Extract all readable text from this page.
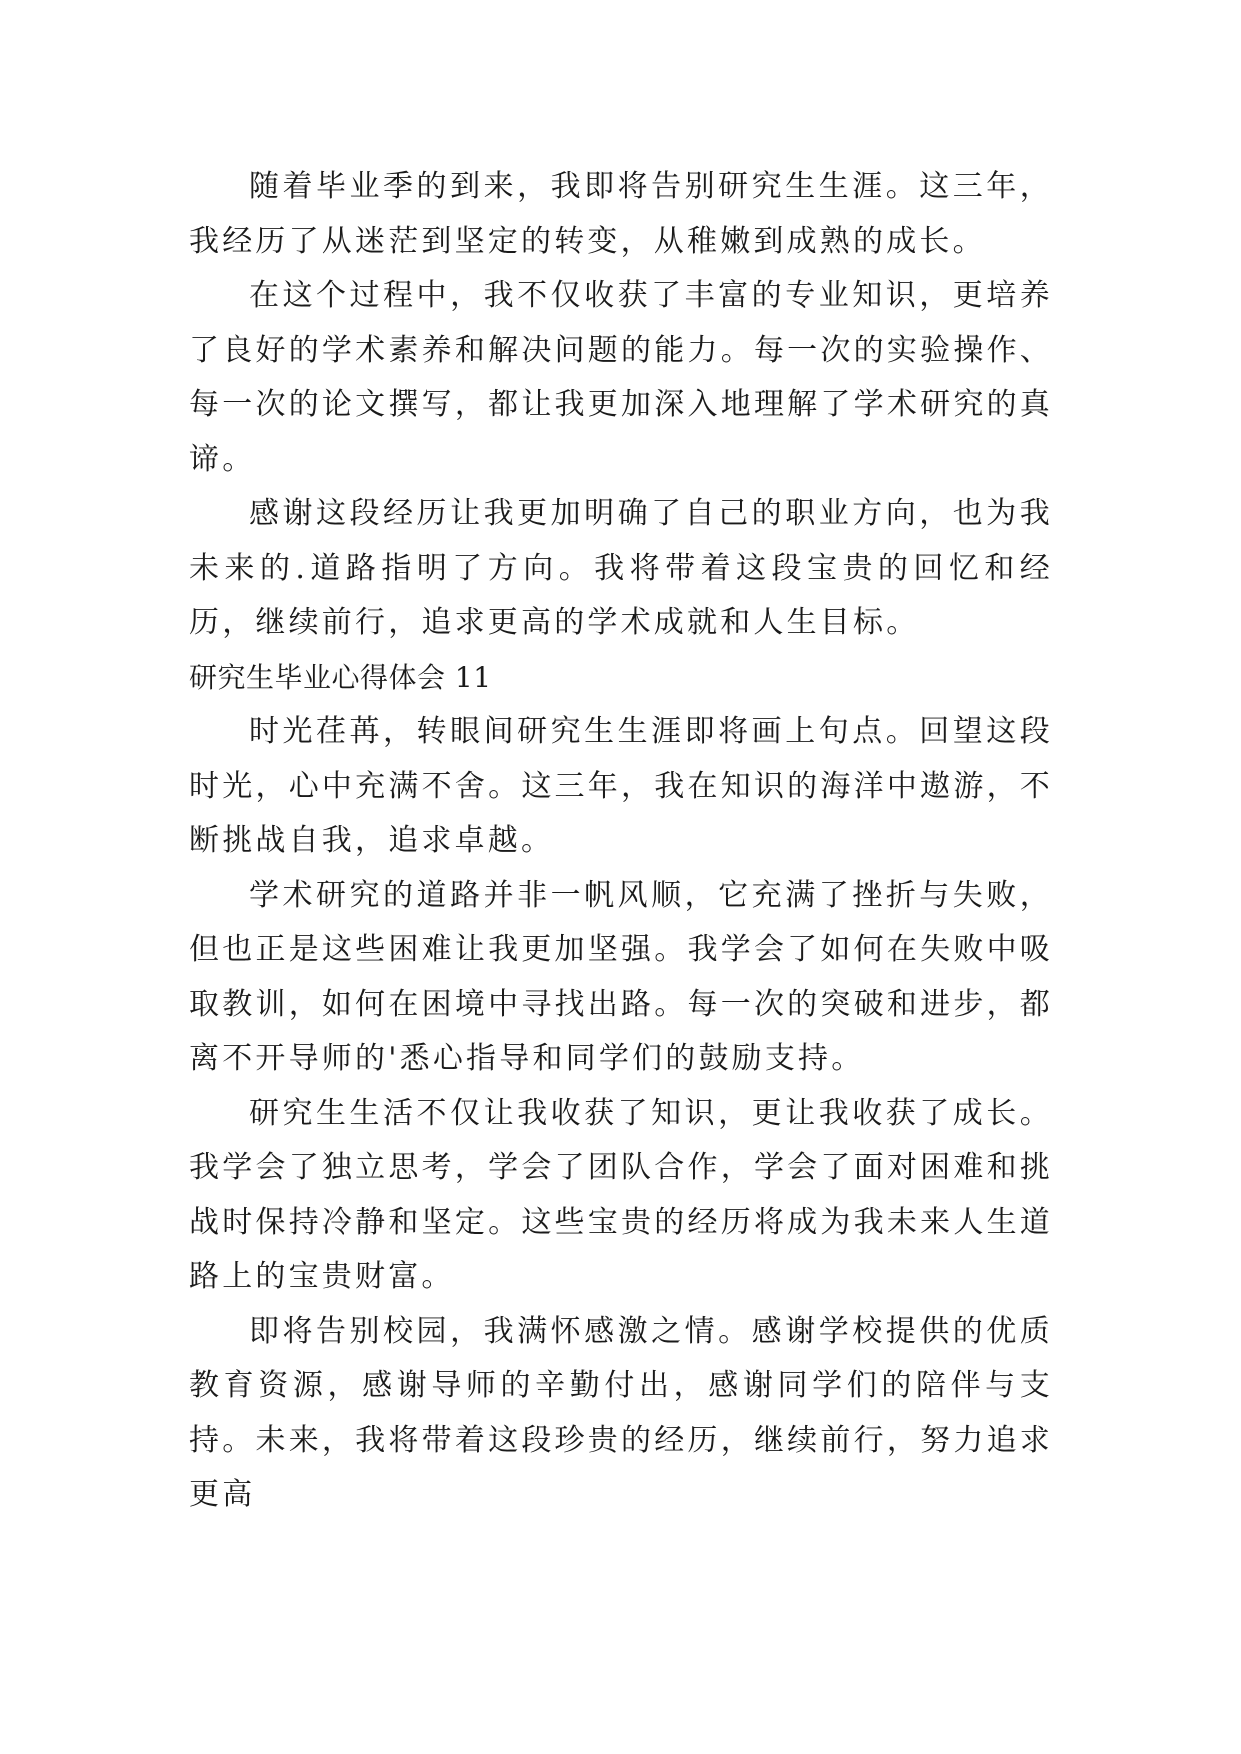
随着毕业季的到来，我即将告别研究生生涯。这三年，我经历了从迷茫到坚定的转变，从稚嫩到成熟的成长。

在这个过程中，我不仅收获了丰富的专业知识，更培养了良好的学术素养和解决问题的能力。每一次的实验操作、每一次的论文撰写，都让我更加深入地理解了学术研究的真谛。

感谢这段经历让我更加明确了自己的职业方向，也为我未来的.道路指明了方向。我将带着这段宝贵的回忆和经历，继续前行，追求更高的学术成就和人生目标。

研究生毕业心得体会 11

时光荏苒，转眼间研究生生涯即将画上句点。回望这段时光，心中充满不舍。这三年，我在知识的海洋中遨游，不断挑战自我，追求卓越。

学术研究的道路并非一帆风顺，它充满了挫折与失败，但也正是这些困难让我更加坚强。我学会了如何在失败中吸取教训，如何在困境中寻找出路。每一次的突破和进步，都离不开导师的'悉心指导和同学们的鼓励支持。

研究生生活不仅让我收获了知识，更让我收获了成长。我学会了独立思考，学会了团队合作，学会了面对困难和挑战时保持冷静和坚定。这些宝贵的经历将成为我未来人生道路上的宝贵财富。

即将告别校园，我满怀感激之情。感谢学校提供的优质教育资源，感谢导师的辛勤付出，感谢同学们的陪伴与支持。未来，我将带着这段珍贵的经历，继续前行，努力追求更高
